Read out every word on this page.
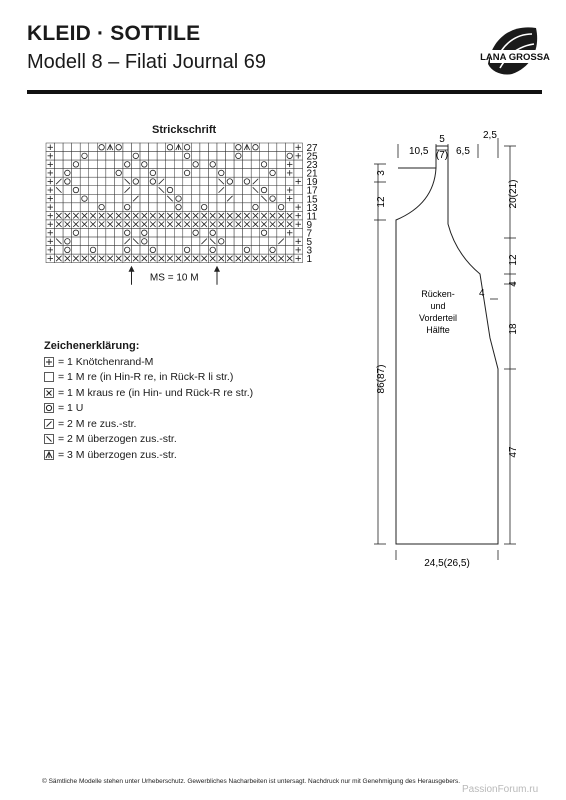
KLEID · SOTTILE
Modell 8 – Filati Journal 69	LANA GROSSA
Strickschrift
27
25
23
21
19
17
15
13
11
9
7
5
3
1
MS = 10 M
Zeichenerklärung:
= 1 Knötchenrand-M
= 1 M re (in Hin-R re, in Rück-R li str.)
= 1 M kraus re (in Hin- und Rück-R re str.)
= 1 U
= 2 M re zus.-str.
= 2 M überzogen zus.-str.
= 3 M überzogen zus.-str.
10,5
5
(7) 6,5
2,5
3
12
86(87)
20(21)
12
4
18
47
4
Rücken-
und
Vorderteil
Hälfte
24,5(26,5)
© Sämtliche Modelle stehen unter Urheberschutz. Gewerbliches Nacharbeiten ist untersagt. Nachdruck nur mit Genehmigung des Herausgebers.
PassionForum.ru
